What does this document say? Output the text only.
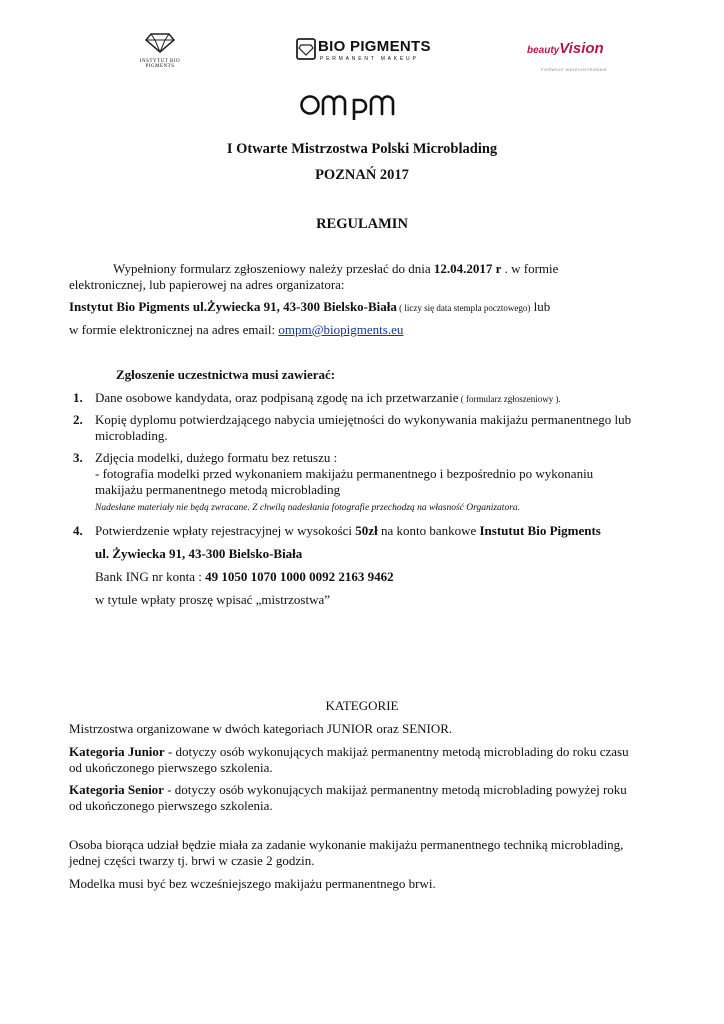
INSTYTUT BIO PIGMENTS
BIO PIGMENTS
PERMANENT MAKEUP
beautyVision
PIERWSZE WSZECHSTRONNIE
I Otwarte Mistrzostwa Polski Microblading
POZNAŃ 2017
REGULAMIN
Wypełniony formularz zgłoszeniowy należy przesłać do dnia 12.04.2017 r . w formie
elektronicznej, lub papierowej na adres organizatora:
Instytut Bio Pigments ul.Żywiecka 91, 43-300 Bielsko-Biała ( liczy się data stempla pocztowego) lub
w formie elektronicznej na adres email: ompm@biopigments.eu
Zgłoszenie uczestnictwa musi zawierać:
1. Dane osobowe kandydata, oraz podpisaną zgodę na ich przetwarzanie ( formularz zgłoszeniowy ).
2. Kopię dyplomu potwierdzającego nabycia umiejętności do wykonywania makijażu permanentnego lub
microblading.
3. Zdjęcia modelki, dużego formatu bez retuszu :
- fotografia modelki przed wykonaniem makijażu permanentnego i bezpośrednio po wykonaniu
makijażu permanentnego metodą microblading
Nadesłane materiały nie będą zwracane. Z chwilą nadesłania fotografie przechodzą na własność Organizatora.
4. Potwierdzenie wpłaty rejestracyjnej w wysokości 50zł na konto bankowe Instutut Bio Pigments
ul. Żywiecka 91, 43-300 Bielsko-Biała
Bank ING nr konta : 49 1050 1070 1000 0092 2163 9462
w tytule wpłaty proszę wpisać „mistrzostwa”
KATEGORIE
Mistrzostwa organizowane w dwóch kategoriach JUNIOR oraz SENIOR.
Kategoria Junior - dotyczy osób wykonujących makijaż permanentny metodą microblading do roku czasu
od ukończonego pierwszego szkolenia.
Kategoria Senior - dotyczy osób wykonujących makijaż permanentny metodą microblading powyżej roku
od ukończonego pierwszego szkolenia.
Osoba biorąca udział będzie miała za zadanie wykonanie makijażu permanentnego techniką microblading,
jednej części twarzy tj. brwi w czasie 2 godzin.
Modelka musi być bez wcześniejszego makijażu permanentnego brwi.
